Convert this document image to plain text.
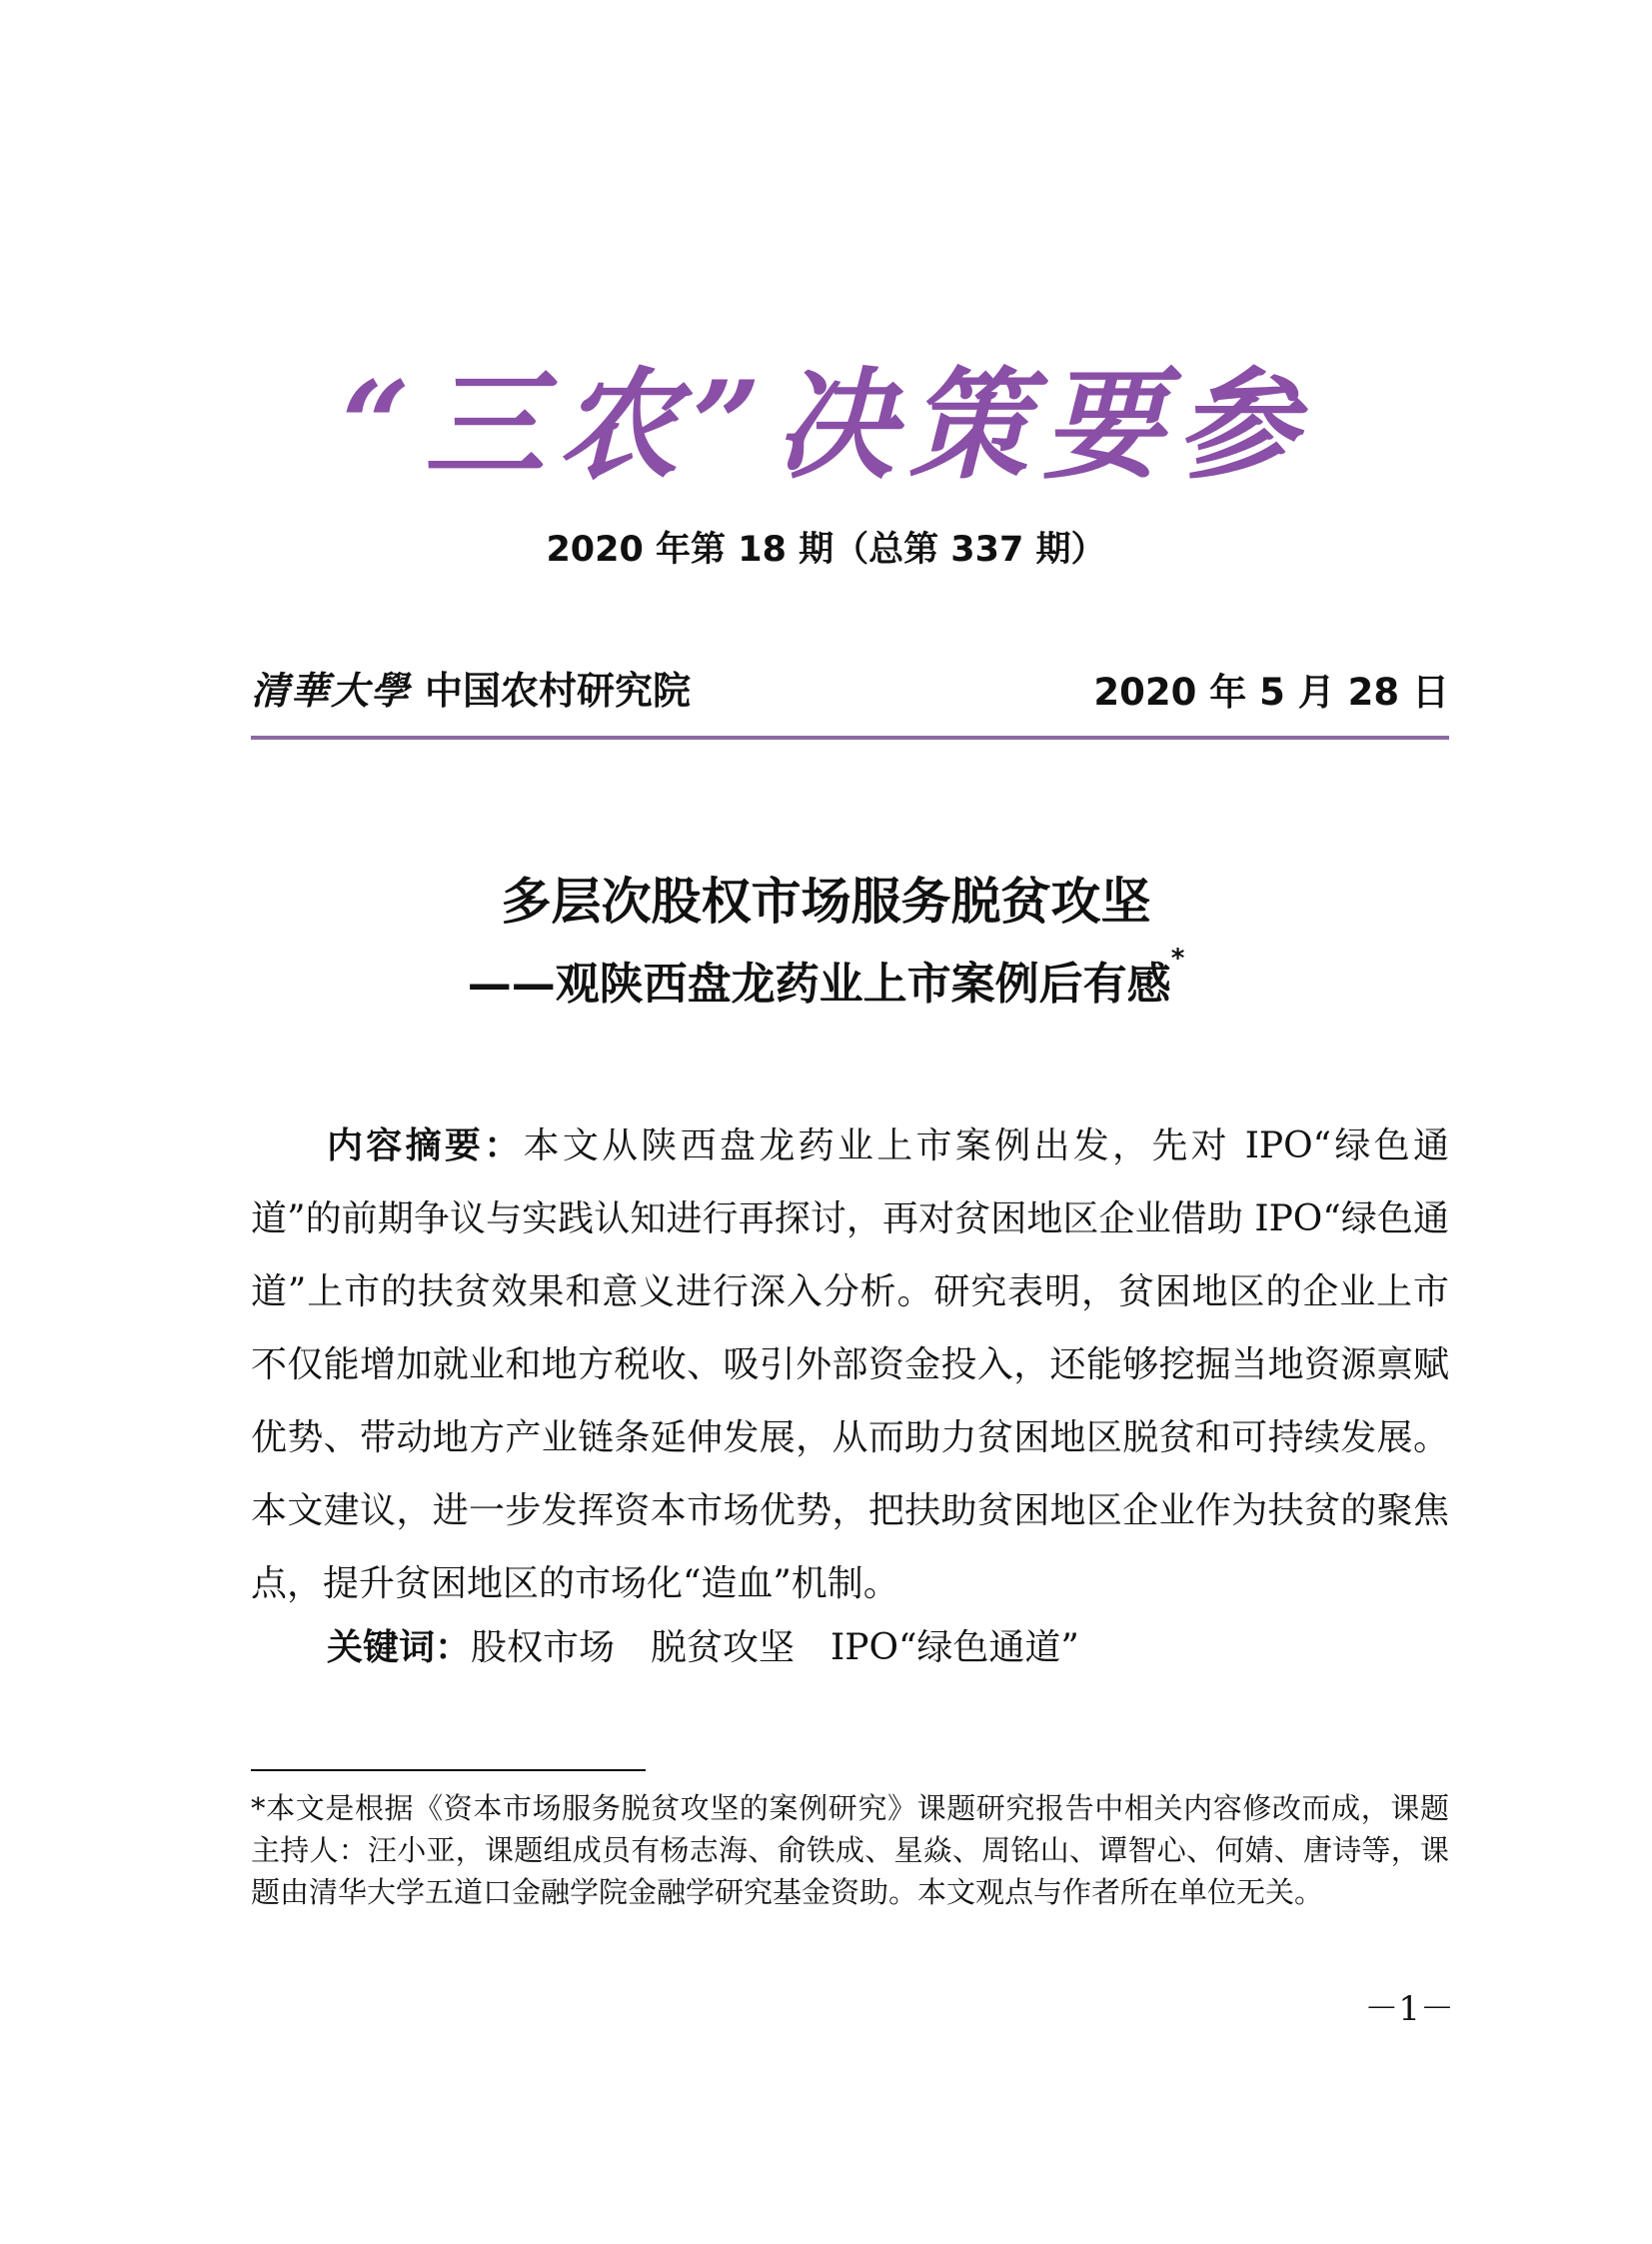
“三农”决策要参
2020 年第 18 期（总第 337 期）
清華大學 中国农村研究院	2020 年 5 月 28 日
多层次股权市场服务脱贫攻坚
——观陕西盘龙药业上市案例后有感*

内容摘要：本文从陕西盘龙药业上市案例出发，先对 IPO“绿色通道”的前期争议与实践认知进行再探讨，再对贫困地区企业借助 IPO“绿色通道”上市的扶贫效果和意义进行深入分析。研究表明，贫困地区的企业上市不仅能增加就业和地方税收、吸引外部资金投入，还能够挖掘当地资源禀赋优势、带动地方产业链条延伸发展，从而助力贫困地区脱贫和可持续发展。本文建议，进一步发挥资本市场优势，把扶助贫困地区企业作为扶贫的聚焦点，提升贫困地区的市场化“造血”机制。

关键词：股权市场　脱贫攻坚　IPO“绿色通道”

*本文是根据《资本市场服务脱贫攻坚的案例研究》课题研究报告中相关内容修改而成，课题主持人：汪小亚，课题组成员有杨志海、俞铁成、星焱、周铭山、谭智心、何婧、唐诗等，课题由清华大学五道口金融学院金融学研究基金资助。本文观点与作者所在单位无关。

－1－
